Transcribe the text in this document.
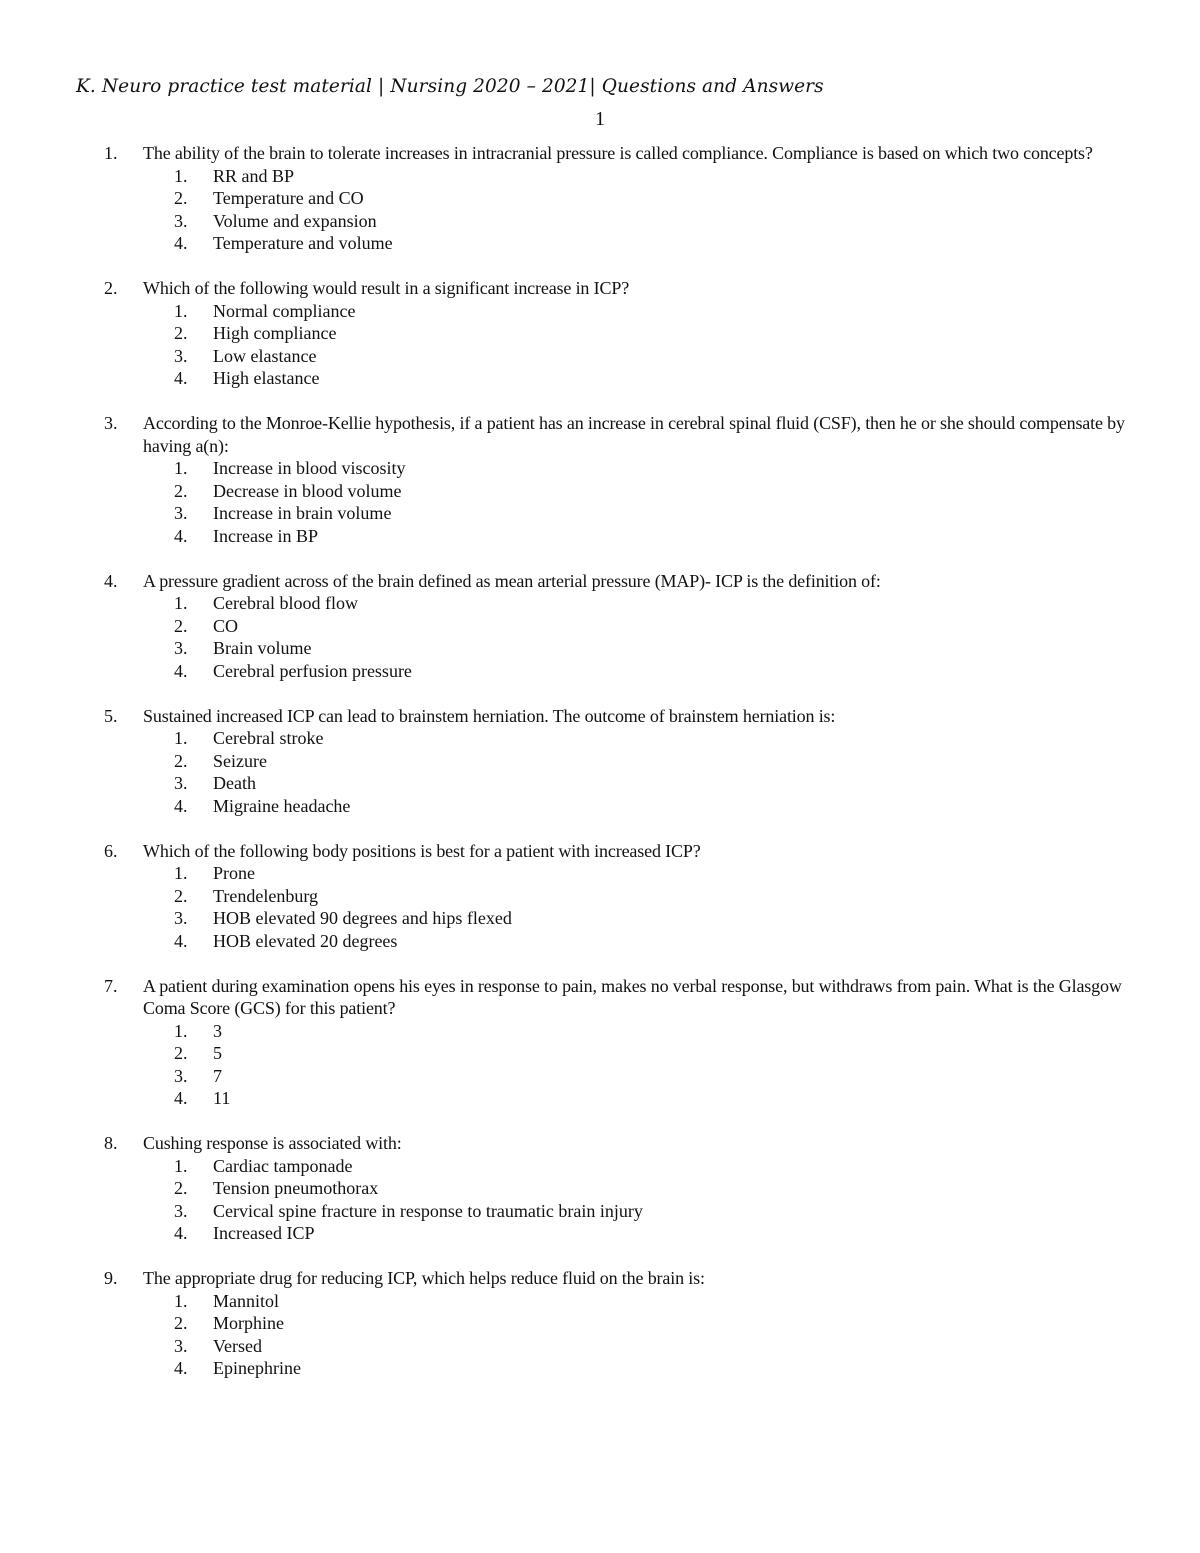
K. Neuro practice test material | Nursing 2020 – 2021| Questions and Answers
1
1. The ability of the brain to tolerate increases in intracranial pressure is called compliance. Compliance is based on which two concepts?
1. RR and BP
2. Temperature and CO
3. Volume and expansion
4. Temperature and volume
2. Which of the following would result in a significant increase in ICP?
1. Normal compliance
2. High compliance
3. Low elastance
4. High elastance
3. According to the Monroe-Kellie hypothesis, if a patient has an increase in cerebral spinal fluid (CSF), then he or she should compensate by having a(n):
1. Increase in blood viscosity
2. Decrease in blood volume
3. Increase in brain volume
4. Increase in BP
4. A pressure gradient across of the brain defined as mean arterial pressure (MAP)- ICP is the definition of:
1. Cerebral blood flow
2. CO
3. Brain volume
4. Cerebral perfusion pressure
5. Sustained increased ICP can lead to brainstem herniation. The outcome of brainstem herniation is:
1. Cerebral stroke
2. Seizure
3. Death
4. Migraine headache
6. Which of the following body positions is best for a patient with increased ICP?
1. Prone
2. Trendelenburg
3. HOB elevated 90 degrees and hips flexed
4. HOB elevated 20 degrees
7. A patient during examination opens his eyes in response to pain, makes no verbal response, but withdraws from pain. What is the Glasgow Coma Score (GCS) for this patient?
1. 3
2. 5
3. 7
4. 11
8. Cushing response is associated with:
1. Cardiac tamponade
2. Tension pneumothorax
3. Cervical spine fracture in response to traumatic brain injury
4. Increased ICP
9. The appropriate drug for reducing ICP, which helps reduce fluid on the brain is:
1. Mannitol
2. Morphine
3. Versed
4. Epinephrine
